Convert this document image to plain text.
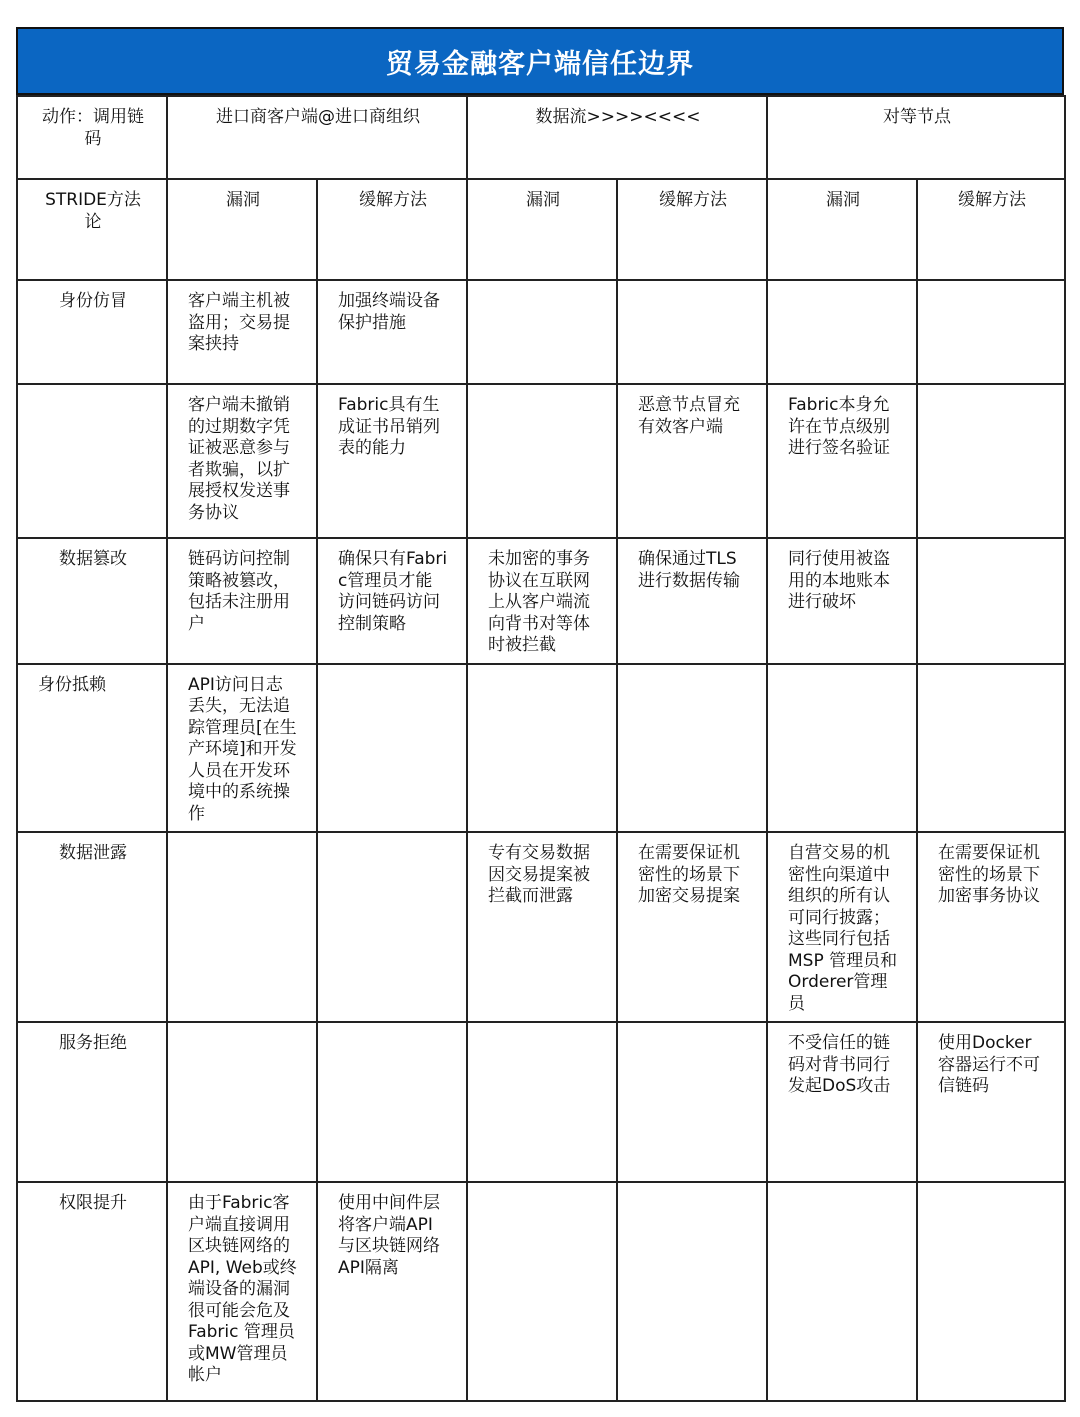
贸易金融客户端信任边界
动作：调用链码	进口商客户端@进口商组织		数据流>>>><<<<		对等节点	
STRIDE方法论	漏洞	缓解方法	漏洞	缓解方法	漏洞	缓解方法
身份仿冒	客户端主机被盗用；交易提案挟持	加强终端设备保护措施				
	客户端未撤销的过期数字凭证被恶意参与者欺骗，以扩展授权发送事务协议	Fabric具有生成证书吊销列表的能力		恶意节点冒充有效客户端	Fabric本身允许在节点级别进行签名验证	
数据篡改	链码访问控制策略被篡改，包括未注册用户	确保只有Fabric管理员才能访问链码访问控制策略	未加密的事务协议在互联网上从客户端流向背书对等体时被拦截	确保通过TLS进行数据传输	同行使用被盗用的本地账本进行破坏	
身份抵赖	API访问日志丢失，无法追踪管理员[在生产环境]和开发人员在开发环境中的系统操作					
数据泄露			专有交易数据因交易提案被拦截而泄露	在需要保证机密性的场景下加密交易提案	自营交易的机密性向渠道中组织的所有认可同行披露；这些同行包括MSP 管理员和Orderer管理员	在需要保证机密性的场景下加密事务协议
服务拒绝					不受信任的链码对背书同行发起DoS攻击	使用Docker容器运行不可信链码
权限提升	由于Fabric客户端直接调用区块链网络的API, Web或终端设备的漏洞很可能会危及Fabric 管理员或MW管理员帐户	使用中间件层将客户端API与区块链网络API隔离				
